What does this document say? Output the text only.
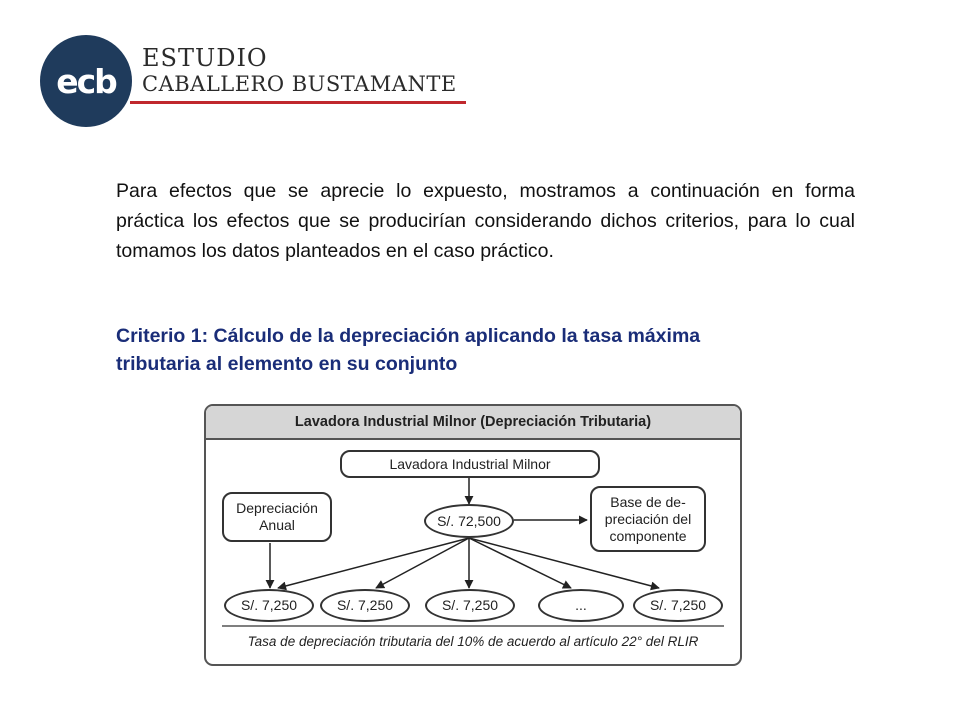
ecb
ESTUDIO
CABALLERO BUSTAMANTE
Para efectos que se aprecie lo expuesto, mostramos a continuación en forma práctica los efectos que se producirían considerando dichos criterios, para lo cual tomamos los datos planteados en el caso práctico.
Criterio 1: Cálculo de la depreciación aplicando la tasa máxima
tributaria al elemento en su conjunto
Lavadora Industrial Milnor (Depreciación Tributaria)
Lavadora Industrial Milnor
Depreciación
Anual	S/. 72,500
Base de de-
preciación del
componente
S/. 7,250	S/. 7,250	S/. 7,250	...	S/. 7,250
Tasa de depreciación tributaria del 10% de acuerdo al artículo 22° del RLIR
